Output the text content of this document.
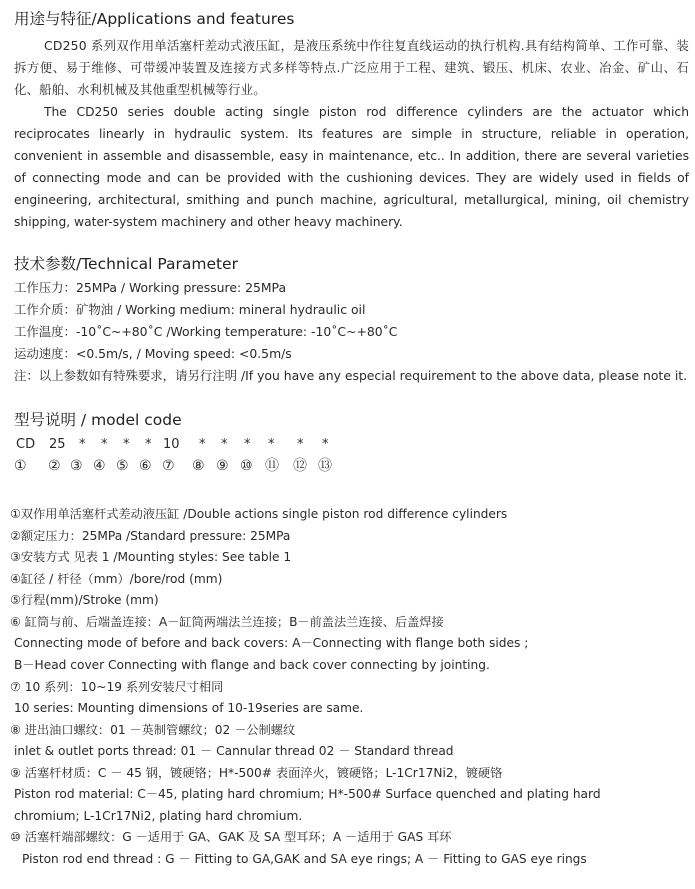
用途与特征/Applications and features

CD250 系列双作用单活塞杆差动式液压缸，是液压系统中作往复直线运动的执行机构.具有结构简单、工作可靠、装拆方便、易于维修、可带缓冲装置及连接方式多样等特点.广泛应用于工程、建筑、锻压、机床、农业、冶金、矿山、石化、船舶、水利机械及其他重型机械等行业。

The CD250 series double acting single piston rod difference cylinders are the actuator which reciprocates linearly in hydraulic system. Its features are simple in structure, reliable in operation, convenient in assemble and disassemble, easy in maintenance, etc.. In addition, there are several varieties of connecting mode and can be provided with the cushioning devices. They are widely used in fields of engineering, architectural, smithing and punch machine, agricultural, metallurgical, mining, oil chemistry shipping, water-system machinery and other heavy machinery.

技术参数/Technical Parameter
工作压力：25MPa / Working pressure: 25MPa
工作介质：矿物油 / Working medium: mineral hydraulic oil
工作温度：-10˚C~+80˚C /Working temperature: -10˚C~+80˚C
运动速度：<0.5m/s, / Moving speed: <0.5m/s

注：以上参数如有特殊要求，请另行注明 /If you have any especial requirement to the above data, please note it.

型号说明 / model code
CD 25 * * * * 10 * * * * * *
① ② ③ ④ ⑤ ⑥ ⑦ ⑧ ⑨ ⑩ ⑪ ⑫ ⑬
①双作用单活塞杆式差动液压缸 /Double actions single piston rod difference cylinders
②额定压力：25MPa /Standard pressure: 25MPa
③安装方式 见表 1 /Mounting styles: See table 1
④缸径 / 杆径（mm）/bore/rod (mm)
⑤行程(mm)/Stroke (mm)
⑥ 缸筒与前、后端盖连接：A－缸筒两端法兰连接；B－前盖法兰连接、后盖焊接
Connecting mode of before and back covers: A－Connecting with flange both sides ;
B－Head cover Connecting with flange and back cover connecting by jointing.
⑦ 10 系列：10~19 系列安装尺寸相同
10 series: Mounting dimensions of 10-19series are same.
⑧ 进出油口螺纹：01 －英制管螺纹；02 －公制螺纹
inlet & outlet ports thread: 01 － Cannular thread 02 － Standard thread
⑨ 活塞杆材质：C － 45 钢，镀硬铬；H*-500# 表面淬火，镀硬铬；L-1Cr17Ni2，镀硬铬
Piston rod material: C－45, plating hard chromium; H*-500# Surface quenched and plating hard
chromium; L-1Cr17Ni2, plating hard chromium.
⑩ 活塞杆端部螺纹：G －适用于 GA、GAK 及 SA 型耳环；A －适用于 GAS 耳环
Piston rod end thread : G － Fitting to GA,GAK and SA eye rings; A － Fitting to GAS eye rings
